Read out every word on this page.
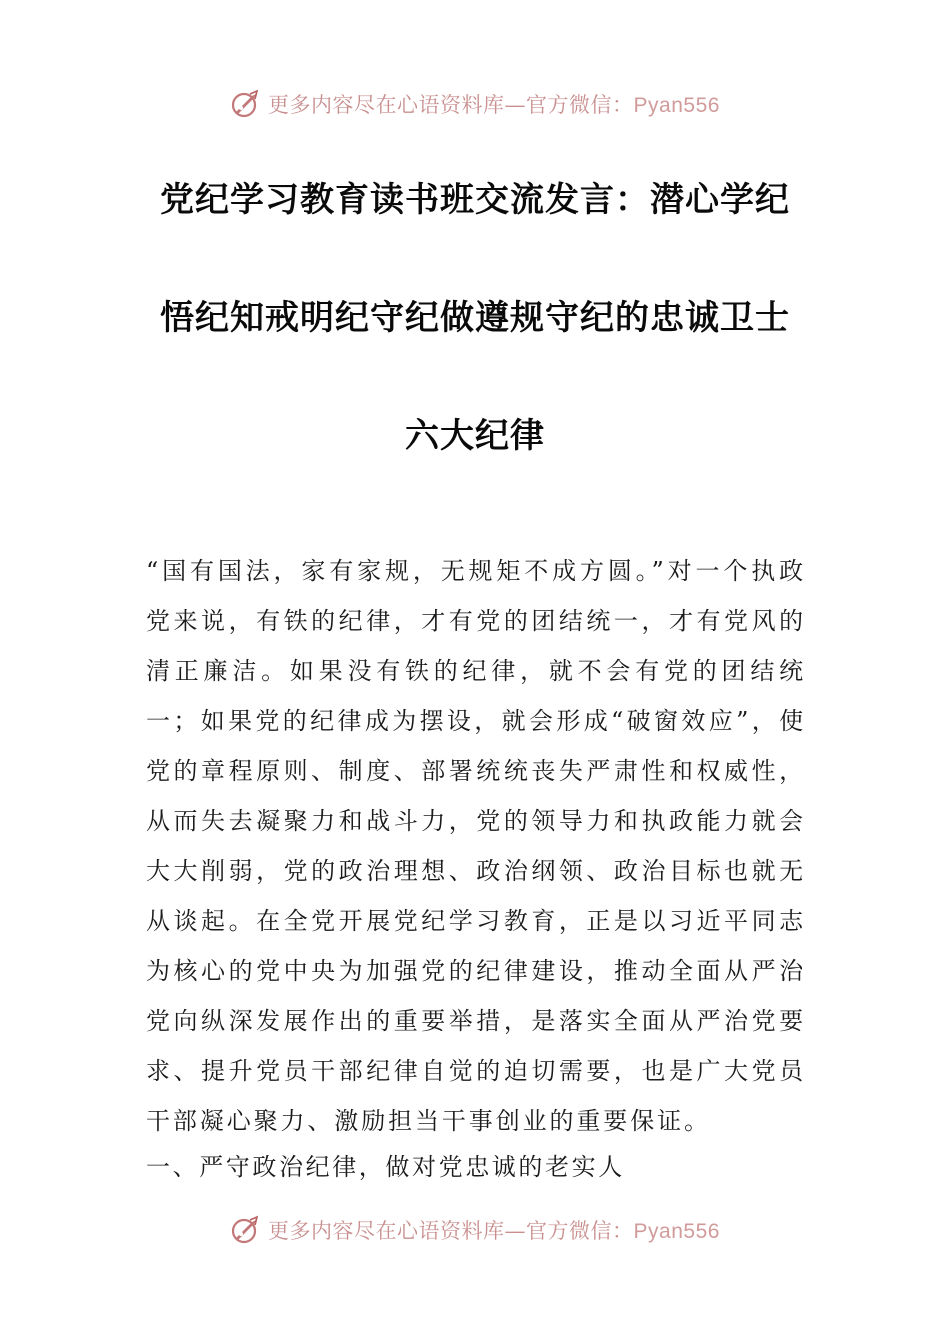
更多内容尽在心语资料库—官方微信：Pyan556
党纪学习教育读书班交流发言：潜心学纪
悟纪知戒明纪守纪做遵规守纪的忠诚卫士
六大纪律

“国有国法，家有家规，无规矩不成方圆。”对一个执政党来说，有铁的纪律，才有党的团结统一，才有党风的清正廉洁。如果没有铁的纪律，就不会有党的团结统一；如果党的纪律成为摆设，就会形成“破窗效应”，使党的章程原则、制度、部署统统丧失严肃性和权威性，从而失去凝聚力和战斗力，党的领导力和执政能力就会大大削弱，党的政治理想、政治纲领、政治目标也就无从谈起。在全党开展党纪学习教育，正是以习近平同志为核心的党中央为加强党的纪律建设，推动全面从严治党向纵深发展作出的重要举措，是落实全面从严治党要求、提升党员干部纪律自觉的迫切需要，也是广大党员干部凝心聚力、激励担当干事创业的重要保证。

一、严守政治纪律，做对党忠诚的老实人
更多内容尽在心语资料库—官方微信：Pyan556
